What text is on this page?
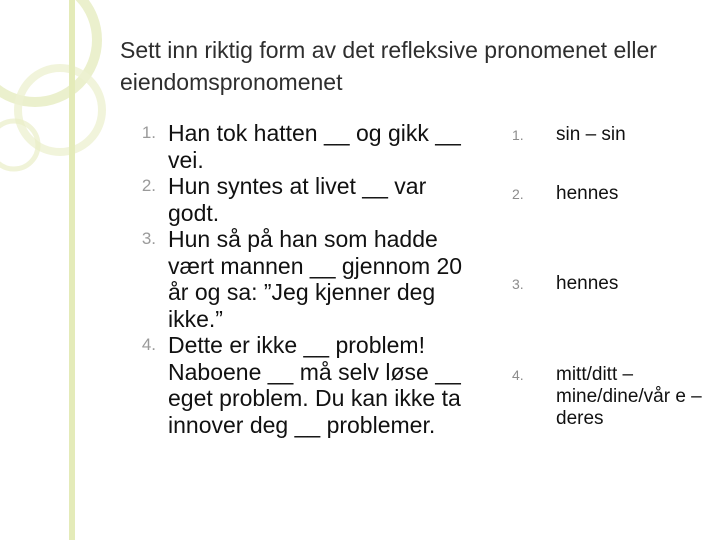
Sett inn riktig form av det refleksive pronomenet eller eiendomspronomenet
1. Han tok hatten __ og gikk __ vei.
2. Hun syntes at livet __ var godt.
3. Hun så på han som hadde vært mannen __ gjennom 20 år og sa: ”Jeg kjenner deg ikke.”
4. Dette er ikke __ problem! Naboene __ må selv løse __ eget problem. Du kan ikke ta innover deg __ problemer.
1. sin – sin
2. hennes
3. hennes
4. mitt/ditt – mine/dine/vår e – deres
